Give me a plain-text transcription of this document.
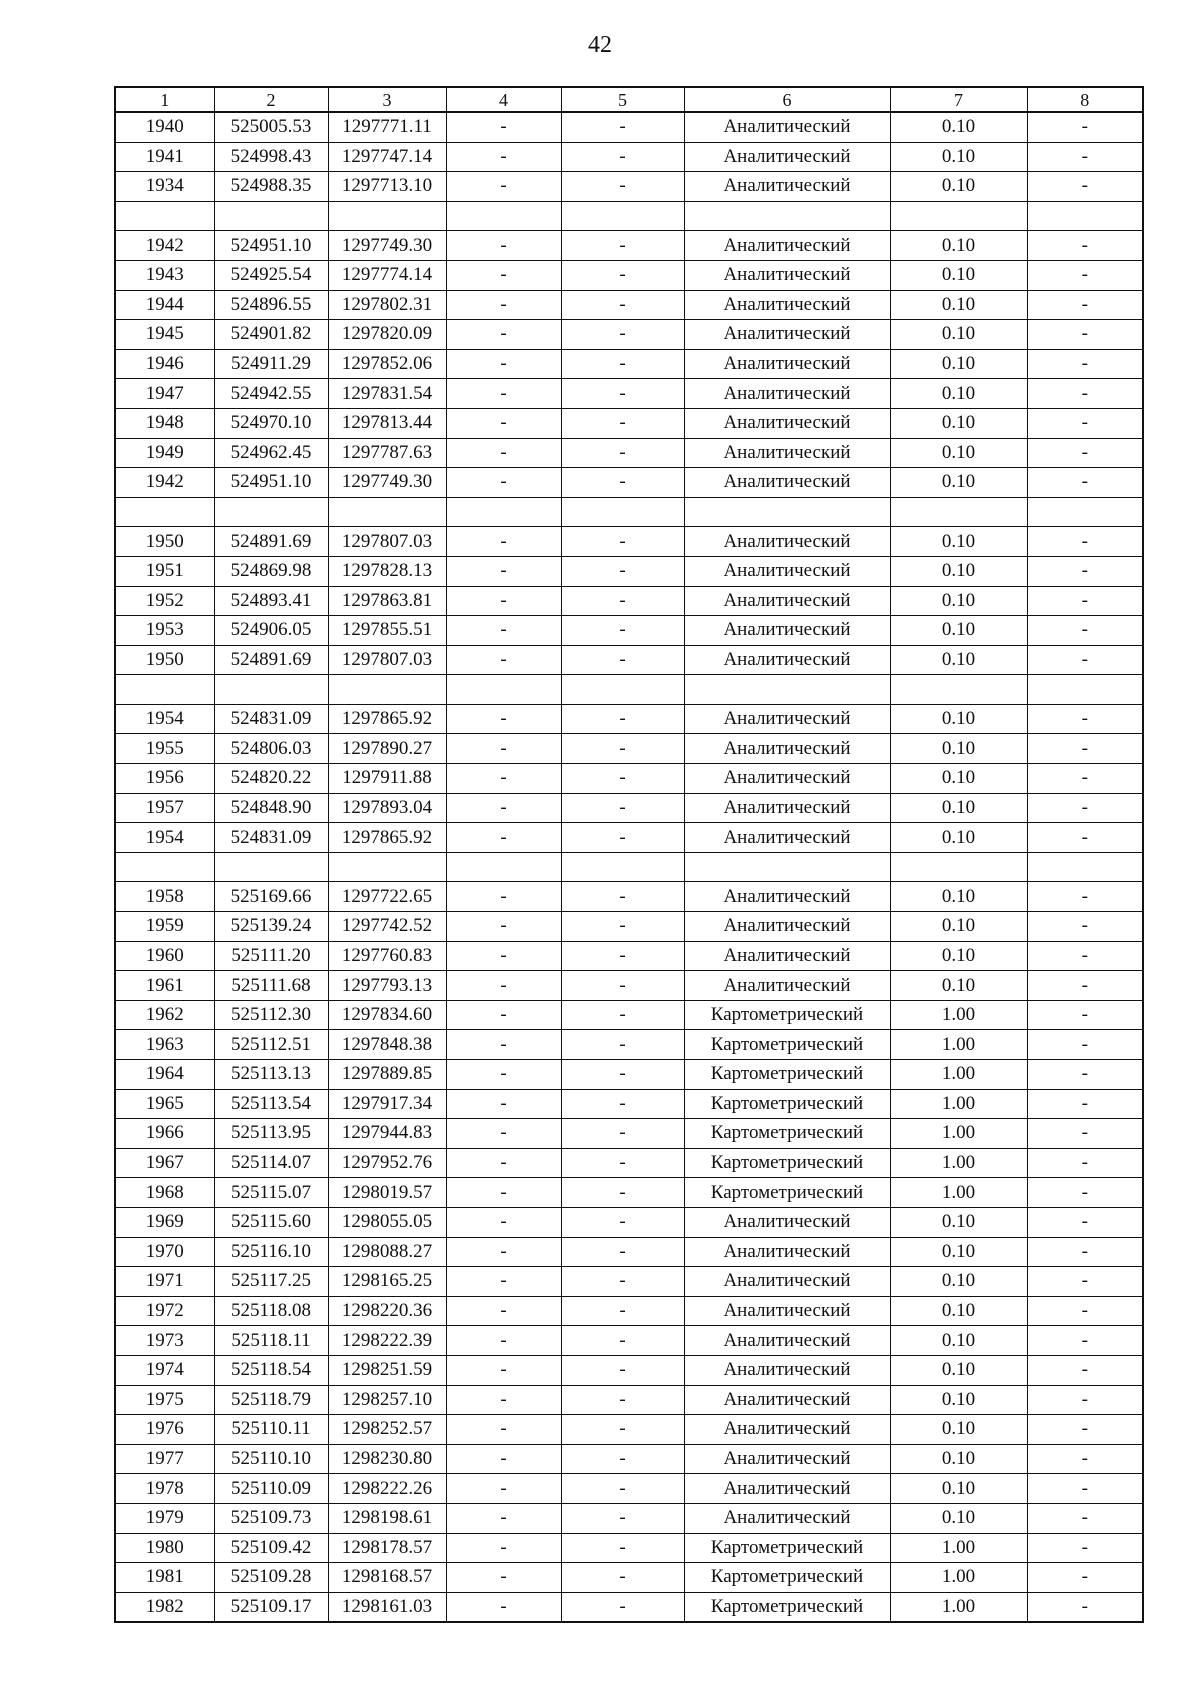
42
1	2	3	4	5	6	7	8
1940	525005.53	1297771.11	-	-	Аналитический	0.10	-
1941	524998.43	1297747.14	-	-	Аналитический	0.10	-
1934	524988.35	1297713.10	-	-	Аналитический	0.10	-

1942	524951.10	1297749.30	-	-	Аналитический	0.10	-
1943	524925.54	1297774.14	-	-	Аналитический	0.10	-
1944	524896.55	1297802.31	-	-	Аналитический	0.10	-
1945	524901.82	1297820.09	-	-	Аналитический	0.10	-
1946	524911.29	1297852.06	-	-	Аналитический	0.10	-
1947	524942.55	1297831.54	-	-	Аналитический	0.10	-
1948	524970.10	1297813.44	-	-	Аналитический	0.10	-
1949	524962.45	1297787.63	-	-	Аналитический	0.10	-
1942	524951.10	1297749.30	-	-	Аналитический	0.10	-

1950	524891.69	1297807.03	-	-	Аналитический	0.10	-
1951	524869.98	1297828.13	-	-	Аналитический	0.10	-
1952	524893.41	1297863.81	-	-	Аналитический	0.10	-
1953	524906.05	1297855.51	-	-	Аналитический	0.10	-
1950	524891.69	1297807.03	-	-	Аналитический	0.10	-

1954	524831.09	1297865.92	-	-	Аналитический	0.10	-
1955	524806.03	1297890.27	-	-	Аналитический	0.10	-
1956	524820.22	1297911.88	-	-	Аналитический	0.10	-
1957	524848.90	1297893.04	-	-	Аналитический	0.10	-
1954	524831.09	1297865.92	-	-	Аналитический	0.10	-

1958	525169.66	1297722.65	-	-	Аналитический	0.10	-
1959	525139.24	1297742.52	-	-	Аналитический	0.10	-
1960	525111.20	1297760.83	-	-	Аналитический	0.10	-
1961	525111.68	1297793.13	-	-	Аналитический	0.10	-
1962	525112.30	1297834.60	-	-	Картометрический	1.00	-
1963	525112.51	1297848.38	-	-	Картометрический	1.00	-
1964	525113.13	1297889.85	-	-	Картометрический	1.00	-
1965	525113.54	1297917.34	-	-	Картометрический	1.00	-
1966	525113.95	1297944.83	-	-	Картометрический	1.00	-
1967	525114.07	1297952.76	-	-	Картометрический	1.00	-
1968	525115.07	1298019.57	-	-	Картометрический	1.00	-
1969	525115.60	1298055.05	-	-	Аналитический	0.10	-
1970	525116.10	1298088.27	-	-	Аналитический	0.10	-
1971	525117.25	1298165.25	-	-	Аналитический	0.10	-
1972	525118.08	1298220.36	-	-	Аналитический	0.10	-
1973	525118.11	1298222.39	-	-	Аналитический	0.10	-
1974	525118.54	1298251.59	-	-	Аналитический	0.10	-
1975	525118.79	1298257.10	-	-	Аналитический	0.10	-
1976	525110.11	1298252.57	-	-	Аналитический	0.10	-
1977	525110.10	1298230.80	-	-	Аналитический	0.10	-
1978	525110.09	1298222.26	-	-	Аналитический	0.10	-
1979	525109.73	1298198.61	-	-	Аналитический	0.10	-
1980	525109.42	1298178.57	-	-	Картометрический	1.00	-
1981	525109.28	1298168.57	-	-	Картометрический	1.00	-
1982	525109.17	1298161.03	-	-	Картометрический	1.00	-
